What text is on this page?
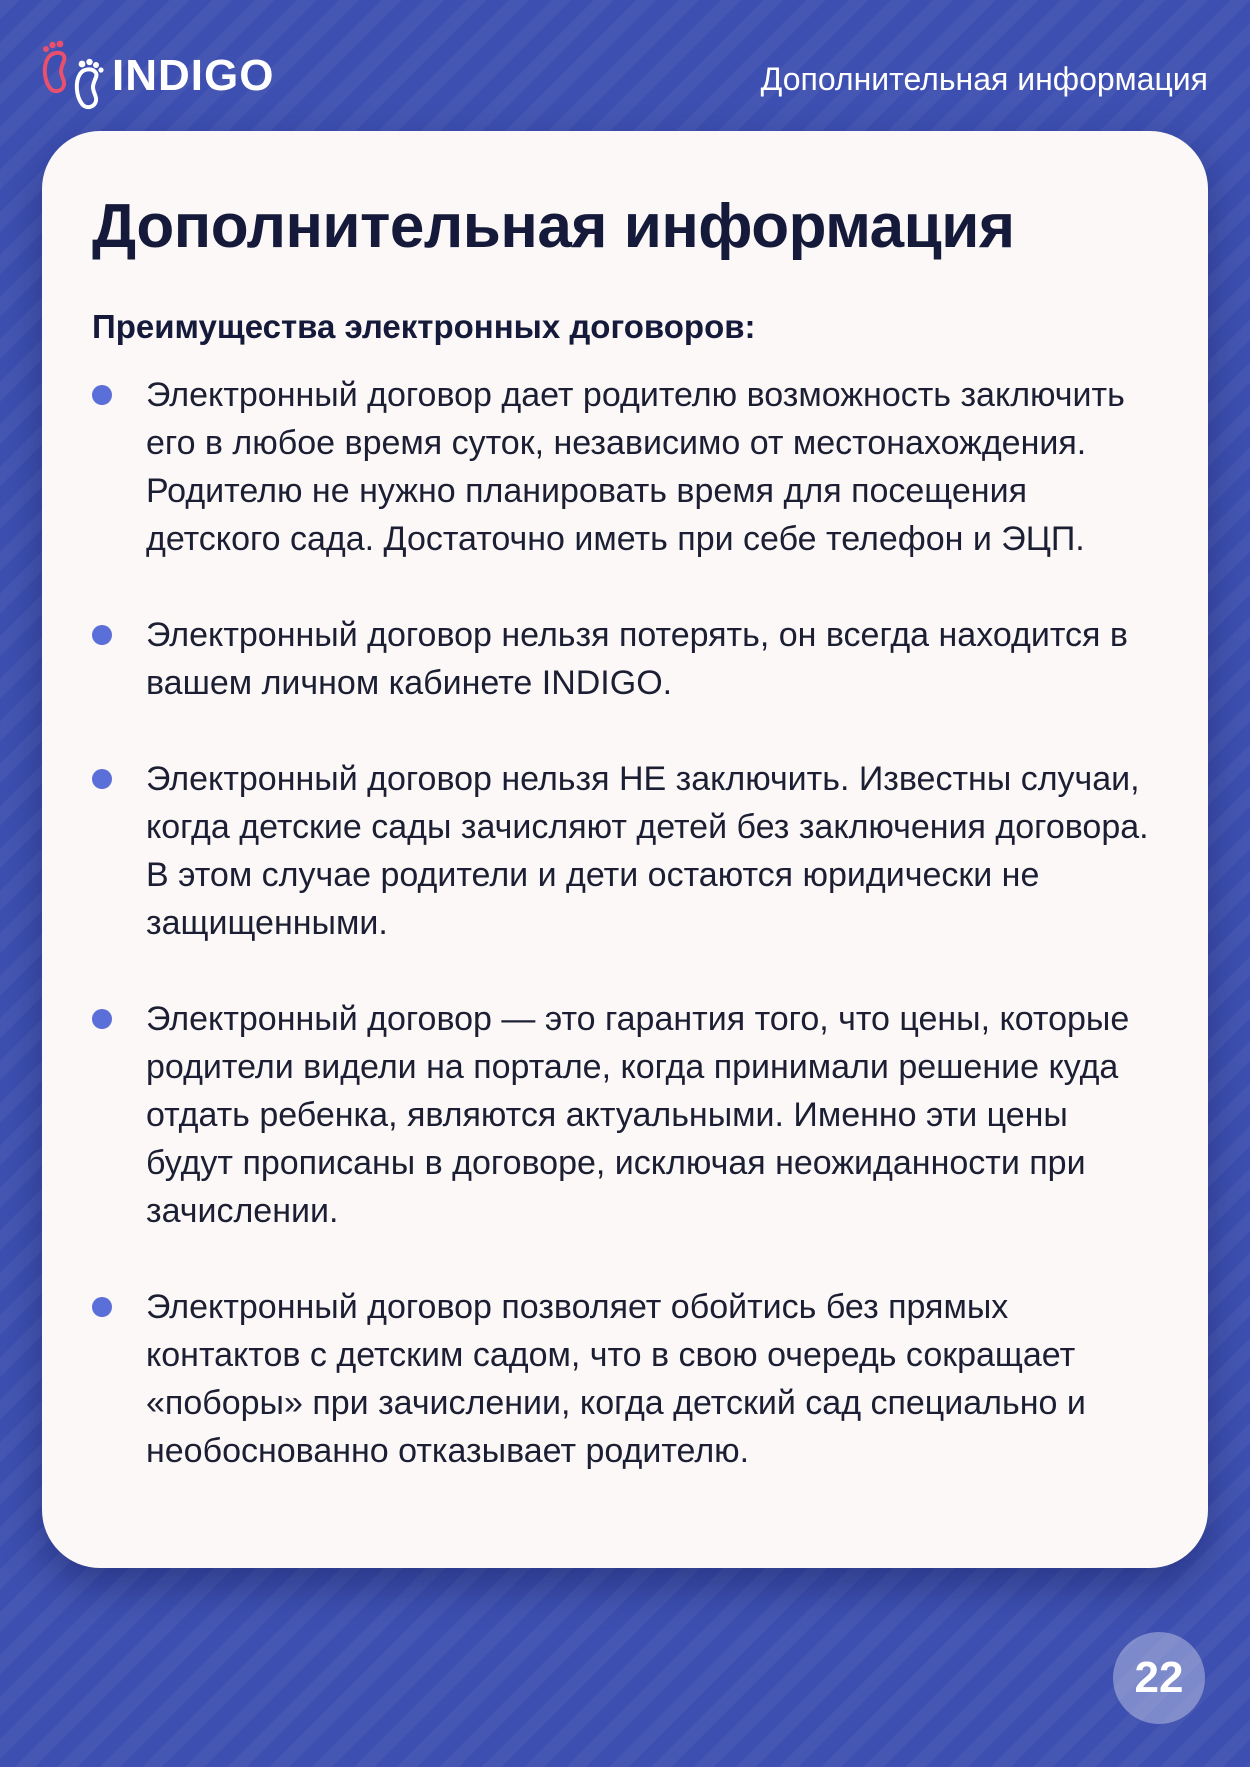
INDIGO	Дополнительная информация
Дополнительная информация
Преимущества электронных договоров:
Электронный договор дает родителю возможность заключить его в любое время суток, независимо от местонахождения. Родителю не нужно планировать время для посещения детского сада. Достаточно иметь при себе телефон и ЭЦП.
Электронный договор нельзя потерять, он всегда находится в вашем личном кабинете INDIGO.
Электронный договор нельзя НЕ заключить. Известны случаи, когда детские сады зачисляют детей без заключения договора. В этом случае родители и дети остаются юридически не защищенными.
Электронный договор — это гарантия того, что цены, которые родители видели на портале, когда принимали решение куда отдать ребенка, являются актуальными. Именно эти цены будут прописаны в договоре, исключая неожиданности при зачислении.
Электронный договор позволяет обойтись без прямых контактов с детским садом, что в свою очередь сокращает «поборы» при зачислении, когда детский сад специально и необоснованно отказывает родителю.
22
